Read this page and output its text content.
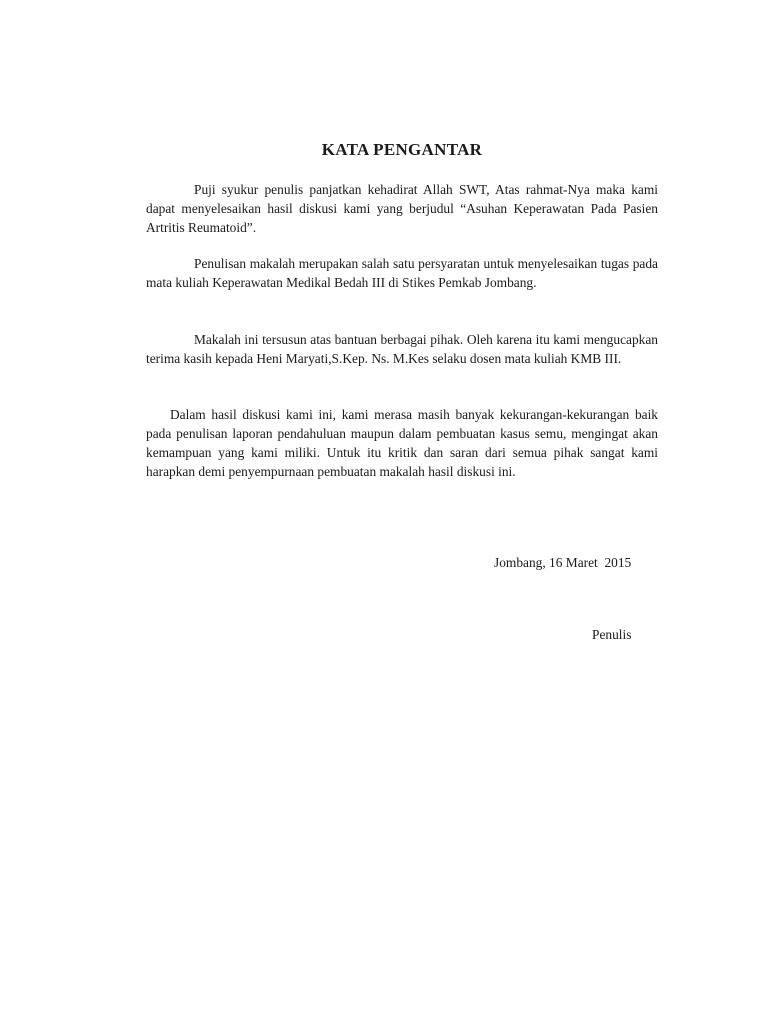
KATA PENGANTAR

Puji syukur penulis panjatkan kehadirat Allah SWT, Atas rahmat-Nya maka kami dapat menyelesaikan hasil diskusi kami yang berjudul “Asuhan Keperawatan Pada Pasien Artritis Reumatoid”.

Penulisan makalah merupakan salah satu persyaratan untuk menyelesaikan tugas pada mata kuliah Keperawatan Medikal Bedah III di Stikes Pemkab Jombang.

Makalah ini tersusun atas bantuan berbagai pihak. Oleh karena itu kami mengucapkan terima kasih kepada Heni Maryati,S.Kep. Ns. M.Kes selaku dosen mata kuliah KMB III.

Dalam hasil diskusi kami ini, kami merasa masih banyak kekurangan-kekurangan baik pada penulisan laporan pendahuluan maupun dalam pembuatan kasus semu, mengingat akan kemampuan yang kami miliki. Untuk itu kritik dan saran dari semua pihak sangat kami harapkan demi penyempurnaan pembuatan makalah hasil diskusi ini.

Jombang, 16 Maret  2015
Penulis
